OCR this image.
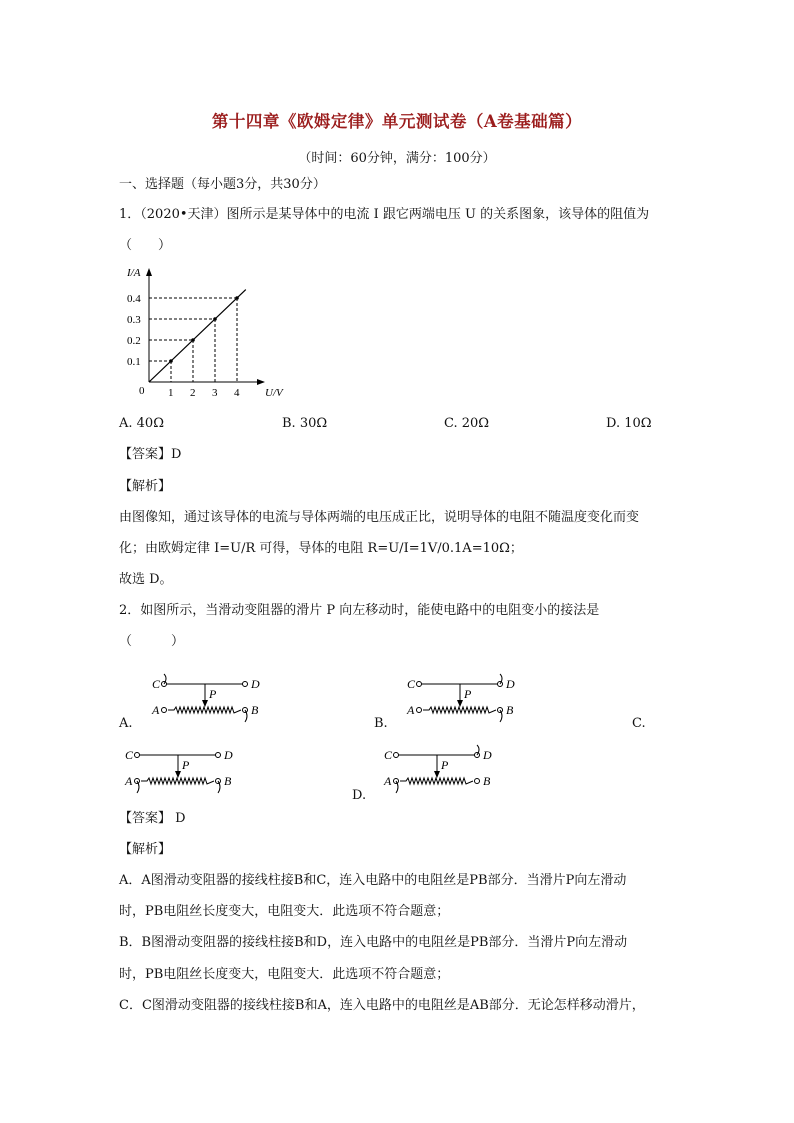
第十四章《欧姆定律》单元测试卷（A卷基础篇）
（时间：60分钟，满分：100分）
一、选择题（每小题3分，共30分）
1．（2020•天津）图所示是某导体中的电流 I 跟它两端电压 U 的关系图象，该导体的阻值为
（　　）
I/A
U/V
0 1
0.1
2
0.2
3
0.3
4
0.4
A. 40Ω	B. 30Ω	C. 20Ω	D. 10Ω
【答案】D
【解析】
由图像知，通过该导体的电流与导体两端的电压成正比，说明导体的电阻不随温度变化而变
化；由欧姆定律 I=U/R 可得，导体的电阻 R=U/I=1V/0.1A=10Ω；
故选 D。
2．如图所示，当滑动变阻器的滑片 P 向左移动时，能使电路中的电阻变小的接法是
（　　　）
C	D
A	B
P
A.
C	D
A	B
P
B.	C.
C	D
A	B
P
C	D
A	B
P
D.
【答案】 D
【解析】
A．A图滑动变阻器的接线柱接B和C，连入电路中的电阻丝是PB部分．当滑片P向左滑动
时，PB电阻丝长度变大，电阻变大．此选项不符合题意；
B．B图滑动变阻器的接线柱接B和D，连入电路中的电阻丝是PB部分．当滑片P向左滑动
时，PB电阻丝长度变大，电阻变大．此选项不符合题意；
C．C图滑动变阻器的接线柱接B和A，连入电路中的电阻丝是AB部分．无论怎样移动滑片，
